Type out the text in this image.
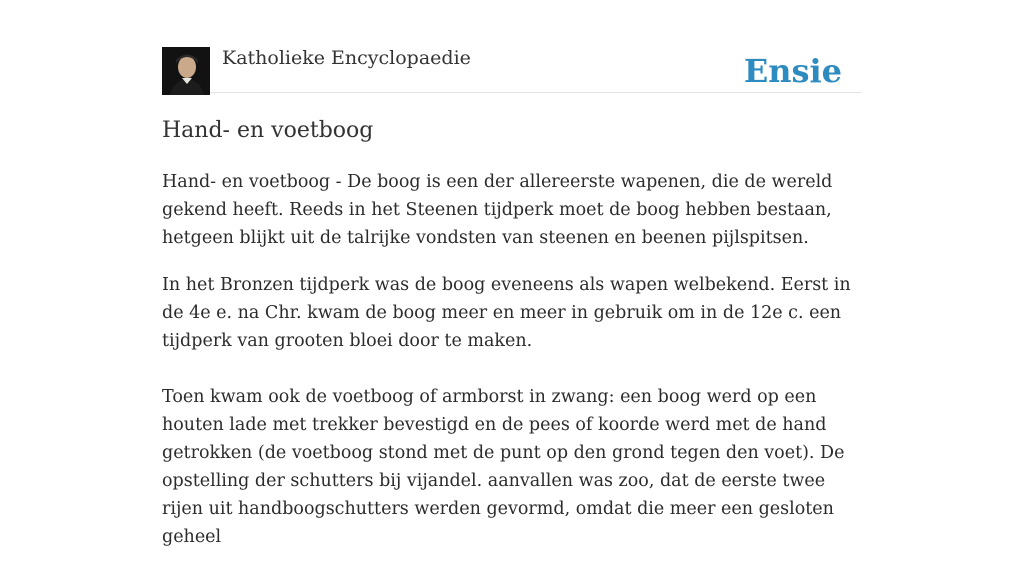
Katholieke Encyclopaedie	Ensie
Hand- en voetboog

Hand- en voetboog - De boog is een der allereerste wapenen, die de wereld gekend heeft. Reeds in het Steenen tijdperk moet de boog hebben bestaan, hetgeen blijkt uit de talrijke vondsten van steenen en beenen pijlspitsen.

In het Bronzen tijdperk was de boog eveneens als wapen welbekend. Eerst in de 4e e. na Chr. kwam de boog meer en meer in gebruik om in de 12e c. een tijdperk van grooten bloei door te maken.

Toen kwam ook de voetboog of armborst in zwang: een boog werd op een houten lade met trekker bevestigd en de pees of koorde werd met de hand getrokken (de voetboog stond met de punt op den grond tegen den voet). De opstelling der schutters bij vijandel. aanvallen was zoo, dat de eerste twee rijen uit handboogschutters werden gevormd, omdat die meer een gesloten geheel
